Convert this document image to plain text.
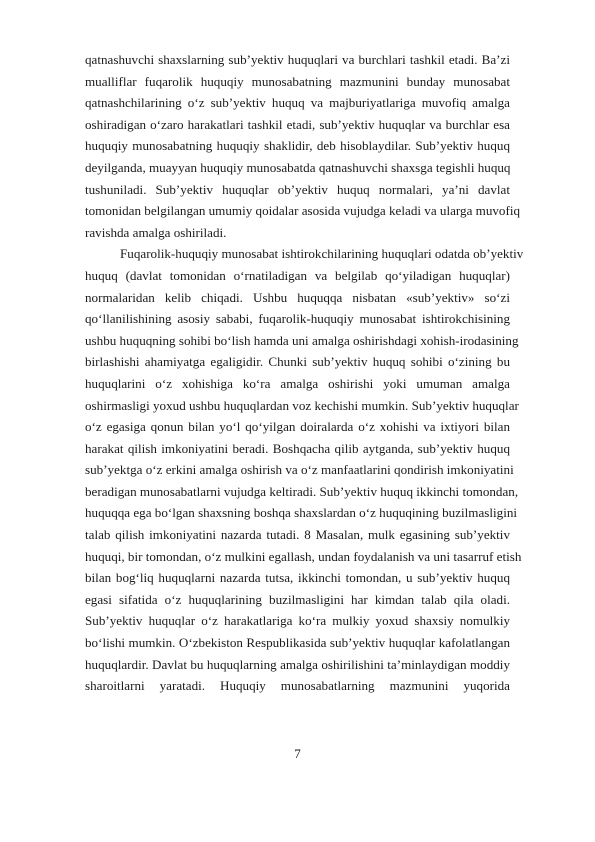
qatnashuvchi shaxslarning sub’yektiv huquqlari va burchlari tashkil etadi. Ba’zi
mualliflar fuqarolik huquqiy munosabatning mazmunini bunday munosabat
qatnashchilarining o‘z sub’yektiv huquq va majburiyatlariga muvofiq amalga
oshiradigan o‘zaro harakatlari tashkil etadi, sub’yektiv huquqlar va burchlar esa
huquqiy munosabatning huquqiy shaklidir, deb hisoblaydilar. Sub’yektiv huquq
deyilganda, muayyan huquqiy munosabatda qatnashuvchi shaxsga tegishli huquq
tushuniladi. Sub’yektiv huquqlar ob’yektiv huquq normalari, ya’ni davlat
tomonidan belgilangan umumiy qoidalar asosida vujudga keladi va ularga muvofiq
ravishda amalga oshiriladi.
Fuqarolik-huquqiy munosabat ishtirokchilarining huquqlari odatda ob’yektiv
huquq (davlat tomonidan o‘rnatiladigan va belgilab qo‘yiladigan huquqlar)
normalaridan kelib chiqadi. Ushbu huquqqa nisbatan «sub’yektiv» so‘zi
qo‘llanilishining asosiy sababi, fuqarolik-huquqiy munosabat ishtirokchisining
ushbu huquqning sohibi bo‘lish hamda uni amalga oshirishdagi xohish-irodasining
birlashishi ahamiyatga egaligidir. Chunki sub’yektiv huquq sohibi o‘zining bu
huquqlarini o‘z xohishiga ko‘ra amalga oshirishi yoki umuman amalga
oshirmasligi yoxud ushbu huquqlardan voz kechishi mumkin. Sub’yektiv huquqlar
o‘z egasiga qonun bilan yo‘l qo‘yilgan doiralarda o‘z xohishi va ixtiyori bilan
harakat qilish imkoniyatini beradi. Boshqacha qilib aytganda, sub’yektiv huquq
sub’yektga o‘z erkini amalga oshirish va o‘z manfaatlarini qondirish imkoniyatini
beradigan munosabatlarni vujudga keltiradi. Sub’yektiv huquq ikkinchi tomondan,
huquqqa ega bo‘lgan shaxsning boshqa shaxslardan o‘z huquqining buzilmasligini
talab qilish imkoniyatini nazarda tutadi. 8 Masalan, mulk egasining sub’yektiv
huquqi, bir tomondan, o‘z mulkini egallash, undan foydalanish va uni tasarruf etish
bilan bog‘liq huquqlarni nazarda tutsa, ikkinchi tomondan, u sub’yektiv huquq
egasi sifatida o‘z huquqlarining buzilmasligini har kimdan talab qila oladi.
Sub’yektiv huquqlar o‘z harakatlariga ko‘ra mulkiy yoxud shaxsiy nomulkiy
bo‘lishi mumkin. O‘zbekiston Respublikasida sub’yektiv huquqlar kafolatlangan
huquqlardir. Davlat bu huquqlarning amalga oshirilishini ta’minlaydigan moddiy
sharoitlarni yaratadi. Huquqiy munosabatlarning mazmunini yuqorida
7
